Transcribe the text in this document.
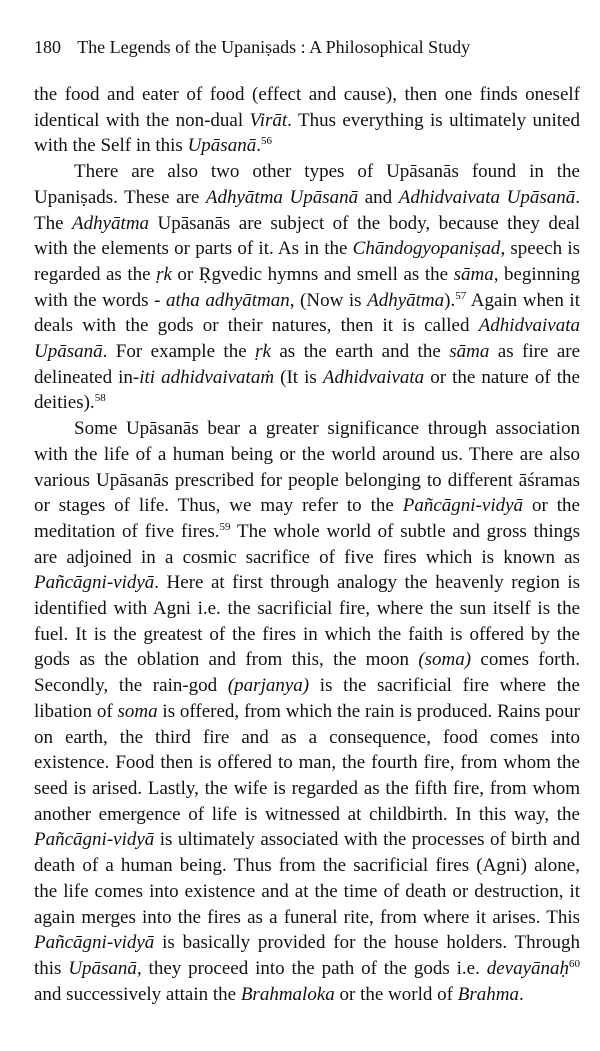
180 The Legends of the Upaniṣads : A Philosophical Study

the food and eater of food (effect and cause), then one finds oneself identical with the non-dual Virāt. Thus everything is ultimately united with the Self in this Upāsanā.$^{56}$

There are also two other types of Upāsanās found in the Upaniṣads. These are Adhyātma Upāsanā and Adhidvaivata Upāsanā. The Adhyātma Upāsanās are subject of the body, because they deal with the elements or parts of it. As in the Chāndogyopaniṣad, speech is regarded as the ṛk or Ṛgvedic hymns and smell as the sāma, beginning with the words - atha adhyātman, (Now is Adhyātma).$^{57}$ Again when it deals with the gods or their natures, then it is called Adhidvaivata Upāsanā. For example the ṛk as the earth and the sāma as fire are delineated in-iti adhidvaivataṁ (It is Adhidvaivata or the nature of the deities).$^{58}$

Some Upāsanās bear a greater significance through association with the life of a human being or the world around us. There are also various Upāsanās prescribed for people belonging to different āśramas or stages of life. Thus, we may refer to the Pañcāgni-vidyā or the meditation of five fires.$^{59}$ The whole world of subtle and gross things are adjoined in a cosmic sacrifice of five fires which is known as Pañcāgni-vidyā. Here at first through analogy the heavenly region is identified with Agni i.e. the sacrificial fire, where the sun itself is the fuel. It is the greatest of the fires in which the faith is offered by the gods as the oblation and from this, the moon (soma) comes forth. Secondly, the rain-god (parjanya) is the sacrificial fire where the libation of soma is offered, from which the rain is produced. Rains pour on earth, the third fire and as a consequence, food comes into existence. Food then is offered to man, the fourth fire, from whom the seed is arised. Lastly, the wife is regarded as the fifth fire, from whom another emergence of life is witnessed at childbirth. In this way, the Pañcāgni-vidyā is ultimately associated with the processes of birth and death of a human being. Thus from the sacrificial fires (Agni) alone, the life comes into existence and at the time of death or destruction, it again merges into the fires as a funeral rite, from where it arises. This Pañcāgni-vidyā is basically provided for the house holders. Through this Upāsanā, they proceed into the path of the gods i.e. devayānaḥ$^{60}$ and successively attain the Brahmaloka or the world of Brahma.
